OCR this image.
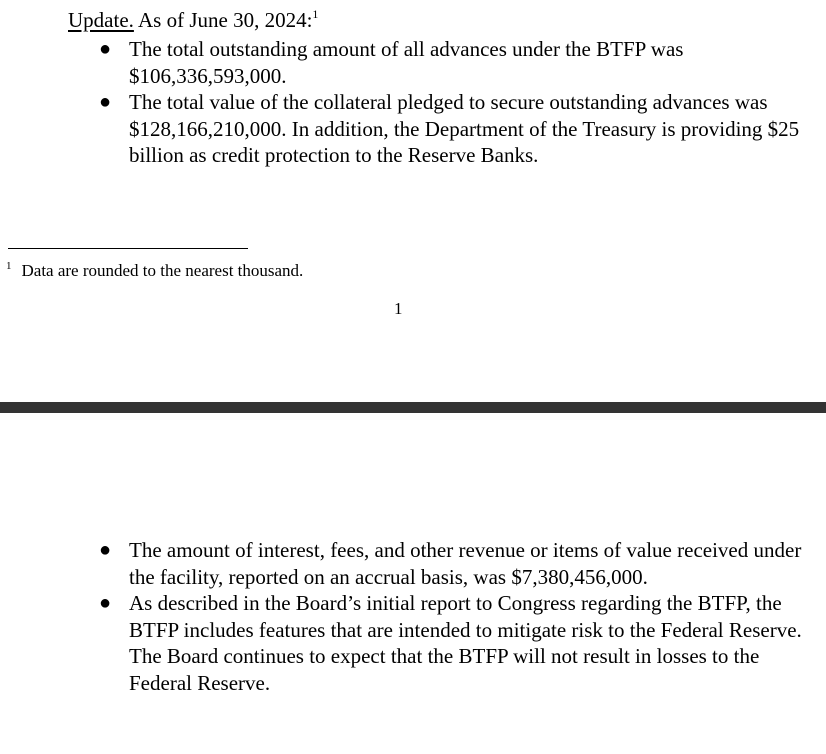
Update. As of June 30, 2024:$^1$
● The total outstanding amount of all advances under the BTFP was $106,336,593,000.
● The total value of the collateral pledged to secure outstanding advances was $128,166,210,000. In addition, the Department of the Treasury is providing $25 billion as credit protection to the Reserve Banks.
$^1$ Data are rounded to the nearest thousand.
1
● The amount of interest, fees, and other revenue or items of value received under the facility, reported on an accrual basis, was $7,380,456,000.
● As described in the Board’s initial report to Congress regarding the BTFP, the BTFP includes features that are intended to mitigate risk to the Federal Reserve. The Board continues to expect that the BTFP will not result in losses to the Federal Reserve.
